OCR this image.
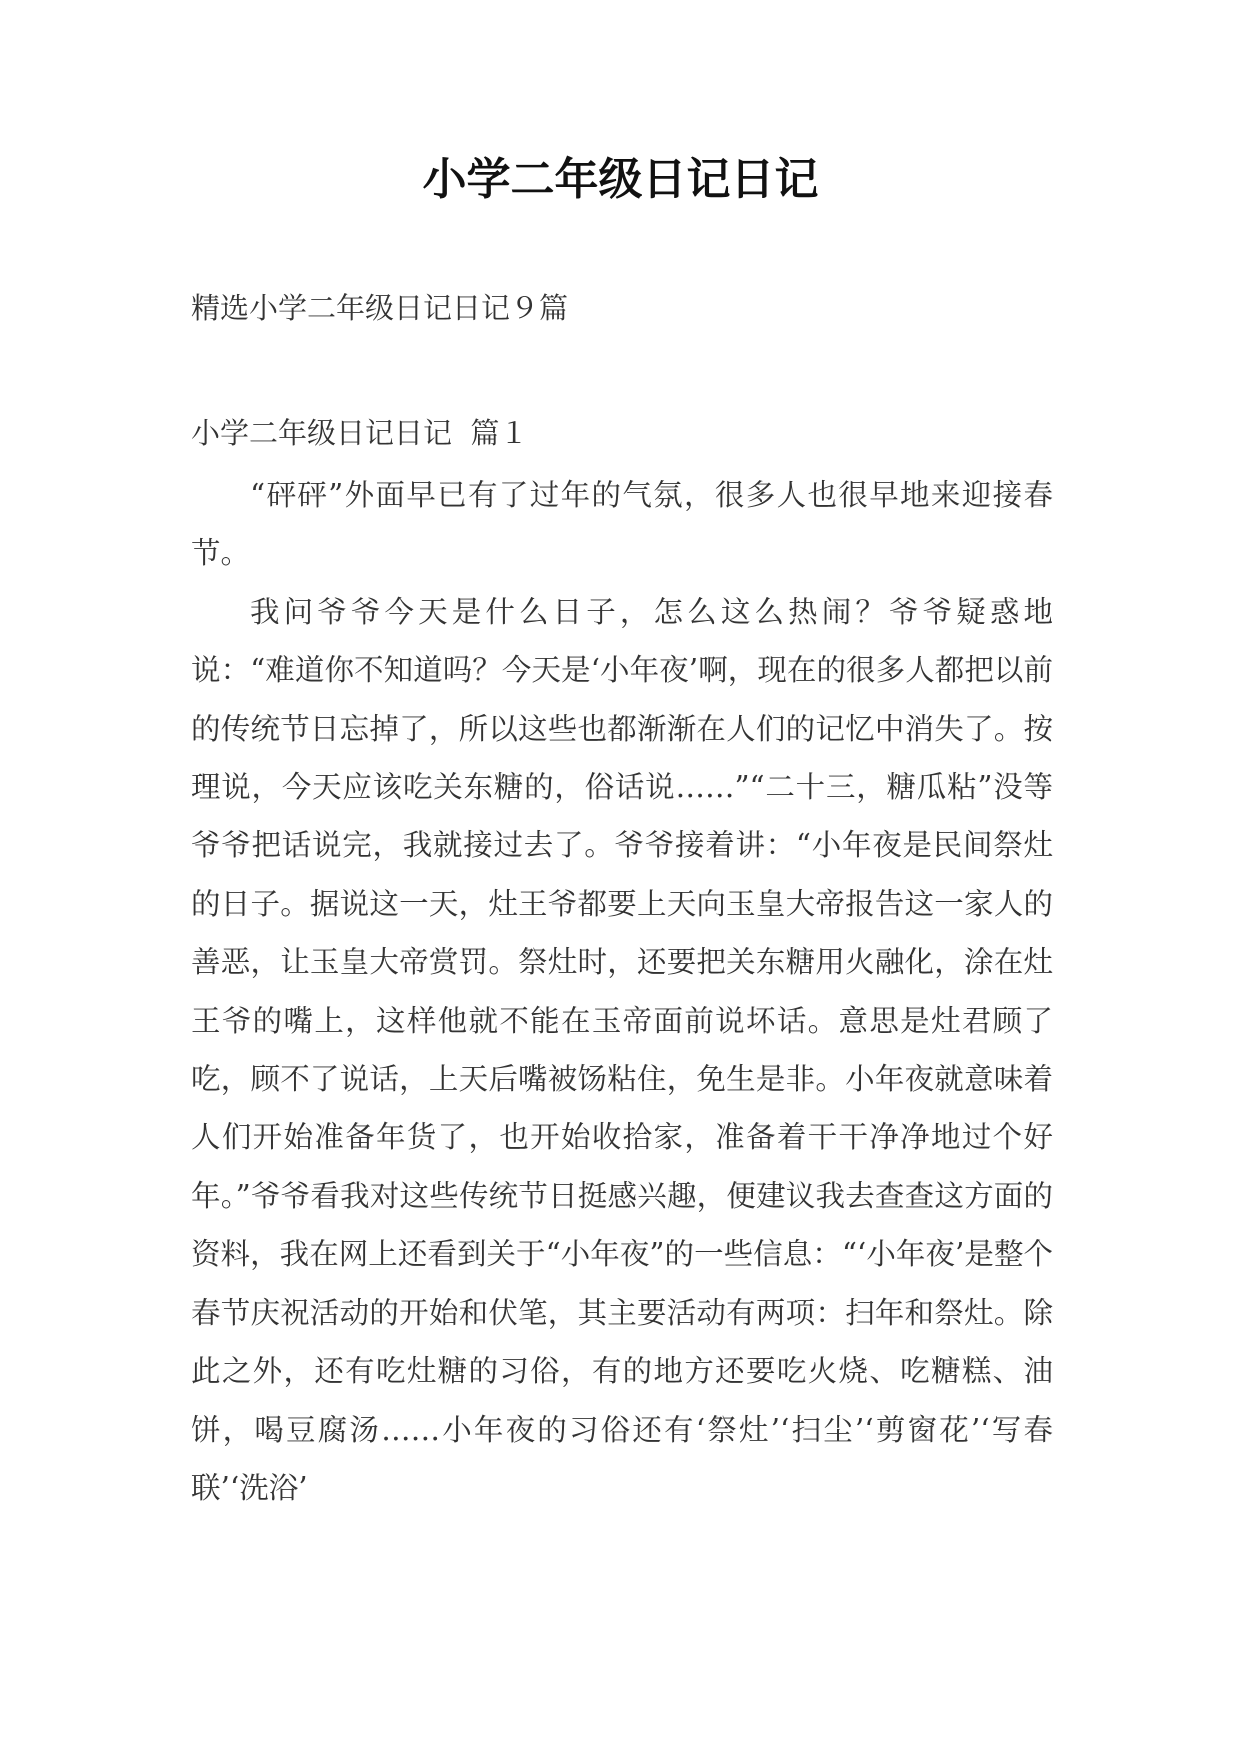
小学二年级日记日记
精选小学二年级日记日记９篇
小学二年级日记日记  篇１

“砰砰”外面早已有了过年的气氛，很多人也很早地来迎接春节。

我问爷爷今天是什么日子，怎么这么热闹？爷爷疑惑地说：“难道你不知道吗？今天是‘小年夜’啊，现在的很多人都把以前的传统节日忘掉了，所以这些也都渐渐在人们的记忆中消失了。按理说，今天应该吃关东糖的，俗话说……”“二十三，糖瓜粘”没等爷爷把话说完，我就接过去了。爷爷接着讲：“小年夜是民间祭灶的日子。据说这一天，灶王爷都要上天向玉皇大帝报告这一家人的善恶，让玉皇大帝赏罚。祭灶时，还要把关东糖用火融化，涂在灶王爷的嘴上，这样他就不能在玉帝面前说坏话。意思是灶君顾了吃，顾不了说话，上天后嘴被饧粘住，免生是非。小年夜就意味着人们开始准备年货了，也开始收拾家，准备着干干净净地过个好年。”爷爷看我对这些传统节日挺感兴趣，便建议我去查查这方面的资料，我在网上还看到关于“小年夜”的一些信息：“‘小年夜’是整个春节庆祝活动的开始和伏笔，其主要活动有两项：扫年和祭灶。除此之外，还有吃灶糖的习俗，有的地方还要吃火烧、吃糖糕、油饼，喝豆腐汤……小年夜的习俗还有‘祭灶’‘扫尘’‘剪窗花’‘写春联’‘洗浴’
